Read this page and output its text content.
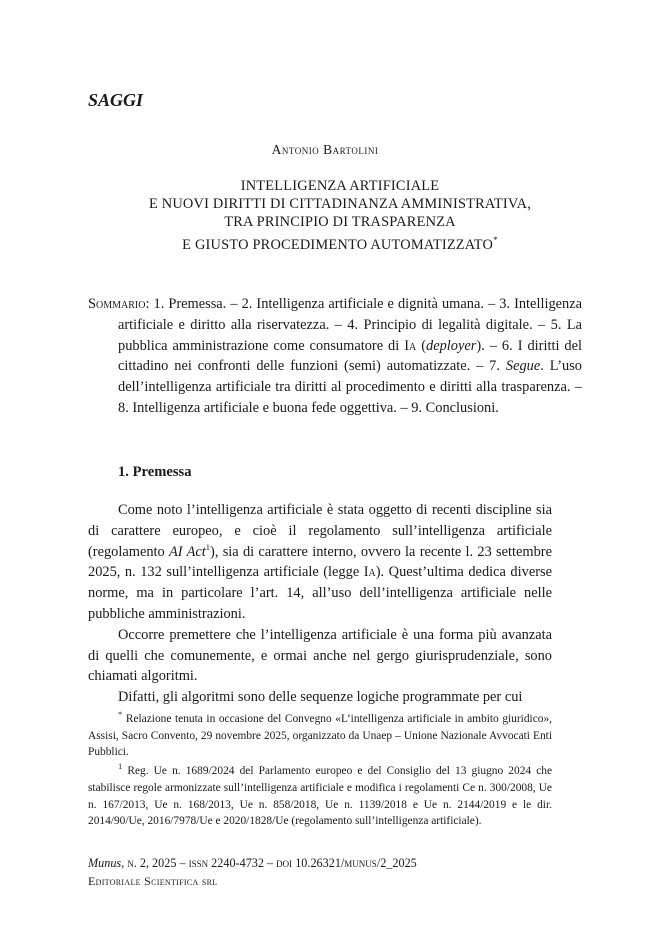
SAGGI
Antonio Bartolini
INTELLIGENZA ARTIFICIALE
E NUOVI DIRITTI DI CITTADINANZA AMMINISTRATIVA,
TRA PRINCIPIO DI TRASPARENZA
E GIUSTO PROCEDIMENTO AUTOMATIZZATO*
Sommario: 1. Premessa. – 2. Intelligenza artificiale e dignità umana. – 3. Intelligenza artificiale e diritto alla riservatezza. – 4. Principio di legalità digitale. – 5. La pubblica amministrazione come consumatore di Ia (deployer). – 6. I diritti del cittadino nei confronti delle funzioni (semi) automatizzate. – 7. Segue. L’uso dell’intelligenza artificiale tra diritti al procedimento e diritti alla trasparenza. – 8. Intelligenza artificiale e buona fede oggettiva. – 9. Conclusioni.
1. Premessa

Come noto l’intelligenza artificiale è stata oggetto di recenti discipline sia di carattere europeo, e cioè il regolamento sull’intelligenza artificiale (regolamento AI Act$^1$), sia di carattere interno, ovvero la recente l. 23 settembre 2025, n. 132 sull’intelligenza artificiale (legge Ia). Quest’ultima dedica diverse norme, ma in particolare l’art. 14, all’uso dell’intelligenza artificiale nelle pubbliche amministrazioni.

Occorre premettere che l’intelligenza artificiale è una forma più avanzata di quelli che comunemente, e ormai anche nel gergo giurisprudenziale, sono chiamati algoritmi.

Difatti, gli algoritmi sono delle sequenze logiche programmate per cui

* Relazione tenuta in occasione del Convegno «L’intelligenza artificiale in ambito giuridico», Assisi, Sacro Convento, 29 novembre 2025, organizzato da Unaep – Unione Nazionale Avvocati Enti Pubblici.

$^1$ Reg. Ue n. 1689/2024 del Parlamento europeo e del Consiglio del 13 giugno 2024 che stabilisce regole armonizzate sull’intelligenza artificiale e modifica i regolamenti Ce n. 300/2008, Ue n. 167/2013, Ue n. 168/2013, Ue n. 858/2018, Ue n. 1139/2018 e Ue n. 2144/2019 e le dir. 2014/90/Ue, 2016/7978/Ue e 2020/1828/Ue (regolamento sull’intelligenza artificiale).

Munus, n. 2, 2025 – issn 2240-4732 – doi 10.26321/munus/2_2025
Editoriale Scientifica srl
